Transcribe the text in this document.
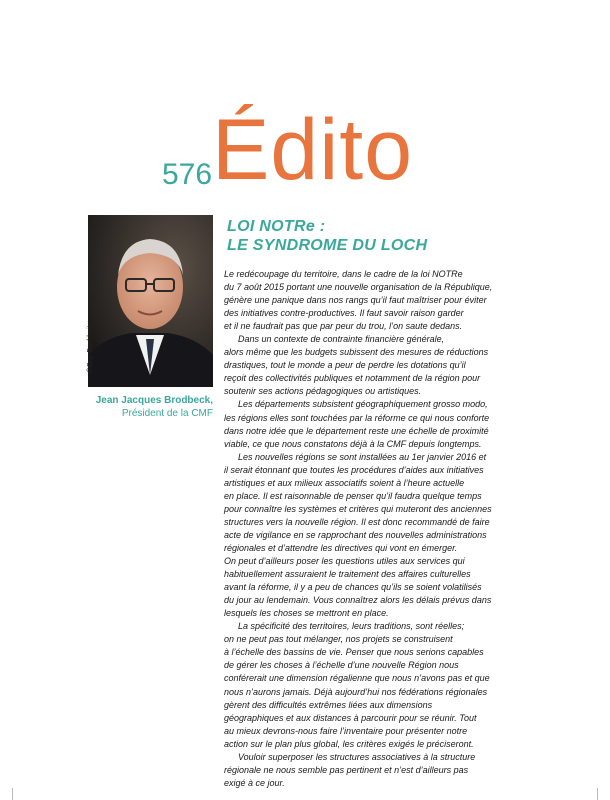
576 Édito
©Guy Buchheit
Jean Jacques Brodbeck,
Président de la CMF
LOI NOTRe :
LE SYNDROME DU LOCH
Le redécoupage du territoire, dans le cadre de la loi NOTRe
du 7 août 2015 portant une nouvelle organisation de la République,
génère une panique dans nos rangs qu’il faut maîtriser pour éviter
des initiatives contre-productives. Il faut savoir raison garder
et il ne faudrait pas que par peur du trou, l’on saute dedans.
Dans un contexte de contrainte financière générale,
alors même que les budgets subissent des mesures de réductions
drastiques, tout le monde a peur de perdre les dotations qu’il
reçoit des collectivités publiques et notamment de la région pour
soutenir ses actions pédagogiques ou artistiques.
Les départements subsistent géographiquement grosso modo,
les régions elles sont touchées par la réforme ce qui nous conforte
dans notre idée que le département reste une échelle de proximité
viable, ce que nous constatons déjà à la CMF depuis longtemps.
Les nouvelles régions se sont installées au 1er janvier 2016 et
il serait étonnant que toutes les procédures d’aides aux initiatives
artistiques et aux milieux associatifs soient à l’heure actuelle
en place. Il est raisonnable de penser qu’il faudra quelque temps
pour connaître les systèmes et critères qui muteront des anciennes
structures vers la nouvelle région. Il est donc recommandé de faire
acte de vigilance en se rapprochant des nouvelles administrations
régionales et d’attendre les directives qui vont en émerger.
On peut d’ailleurs poser les questions utiles aux services qui
habituellement assuraient le traitement des affaires culturelles
avant la réforme, il y a peu de chances qu’ils se soient volatilisés
du jour au lendemain. Vous connaîtrez alors les délais prévus dans
lesquels les choses se mettront en place.
La spécificité des territoires, leurs traditions, sont réelles;
on ne peut pas tout mélanger, nos projets se construisent
à l’échelle des bassins de vie. Penser que nous serions capables
de gérer les choses à l’échelle d’une nouvelle Région nous
conférerait une dimension régalienne que nous n’avons pas et que
nous n’aurons jamais. Déjà aujourd’hui nos fédérations régionales
gèrent des difficultés extrêmes liées aux dimensions
géographiques et aux distances à parcourir pour se réunir. Tout
au mieux devrons-nous faire l’inventaire pour présenter notre
action sur le plan plus global, les critères exigés le préciseront.
Vouloir superposer les structures associatives à la structure
régionale ne nous semble pas pertinent et n’est d’ailleurs pas
exigé à ce jour.
